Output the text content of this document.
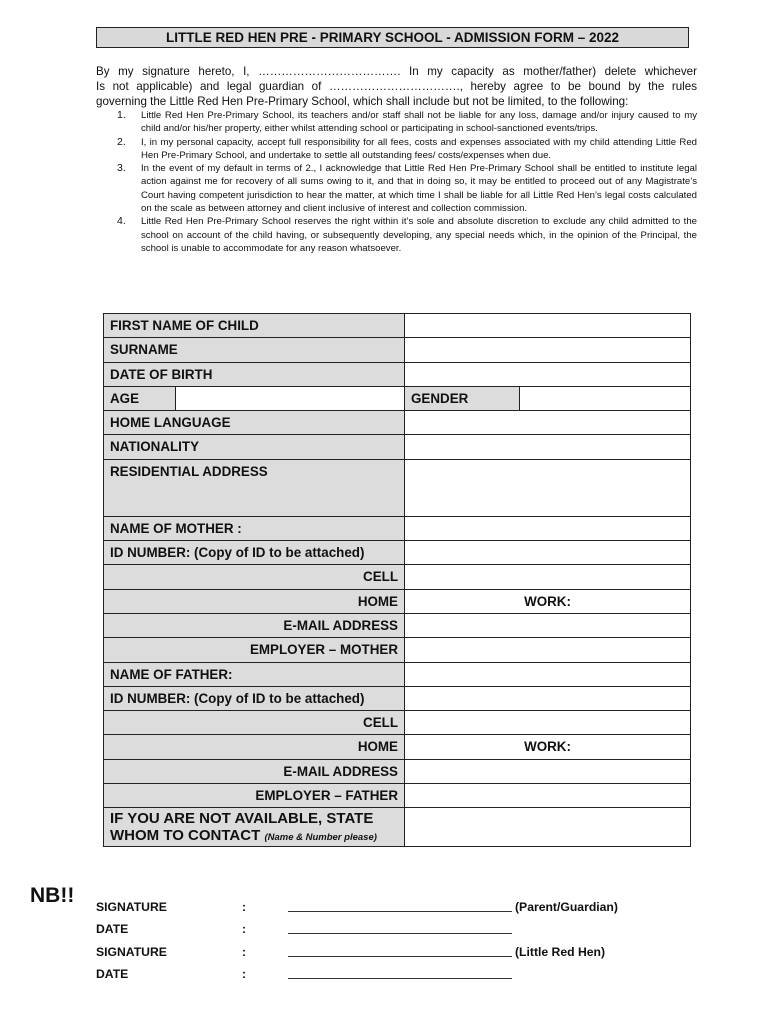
LITTLE RED HEN PRE - PRIMARY SCHOOL - ADMISSION FORM – 2022

By my signature hereto, I, ………………………………. In my capacity as mother/father) delete whichever

Is not applicable) and legal guardian of ……………………………., hereby agree to be bound by the rules

governing the Little Red Hen Pre-Primary School, which shall include but not be limited, to the following:

1. Little Red Hen Pre-Primary School, its teachers and/or staff shall not be liable for any loss, damage and/or injury caused to my child and/or his/her property, either whilst attending school or participating in school-sanctioned events/trips.
2. I, in my personal capacity, accept full responsibility for all fees, costs and expenses associated with my child attending Little Red Hen Pre-Primary School, and undertake to settle all outstanding fees/ costs/expenses when due.
3. In the event of my default in terms of 2., I acknowledge that Little Red Hen Pre-Primary School shall be entitled to institute legal action against me for recovery of all sums owing to it, and that in doing so, it may be entitled to proceed out of any Magistrate’s Court having competent jurisdiction to hear the matter, at which time I shall be liable for all Little Red Hen’s legal costs calculated on the scale as between attorney and client inclusive of interest and collection commission.
4. Little Red Hen Pre-Primary School reserves the right within it’s sole and absolute discretion to exclude any child admitted to the school on account of the child having, or subsequently developing, any special needs which, in the opinion of the Principal, the school is unable to accommodate for any reason whatsoever.
FIRST NAME OF CHILD			
SURNAME			
DATE OF BIRTH			
AGE		GENDER	
HOME LANGUAGE			
NATIONALITY			
RESIDENTIAL ADDRESS			
NAME OF MOTHER :			
ID NUMBER: (Copy of ID to be attached)			
CELL			
HOME		WORK:	
E-MAIL ADDRESS			
EMPLOYER – MOTHER			
NAME OF FATHER:			
ID NUMBER: (Copy of ID to be attached)			
CELL			
HOME		WORK:	
E-MAIL ADDRESS			
EMPLOYER – FATHER			

IF YOU ARE NOT AVAILABLE, STATE
WHOM TO CONTACT (Name & Number please)			

NB!! SIGNATURE	:	(Parent/Guardian)
DATE	:
SIGNATURE	:	(Little Red Hen)
DATE	:
